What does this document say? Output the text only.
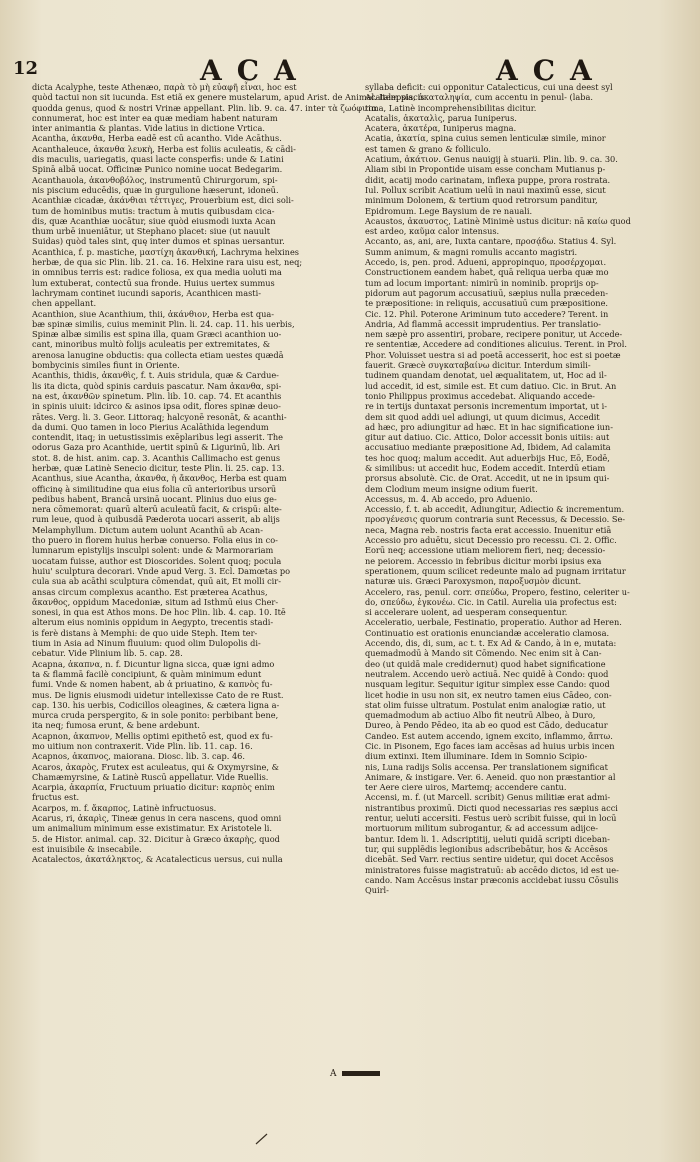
12	ACA	ACA
dicta Acalyphe, teste Athenæo, παρὰ τὸ μὴ εὐαφῆ εἶναι, hoc est
quòd tactui non sit iucunda. Est etiã ex genere mustelarum, apud Arist. de Animal. Item piscis
quodda genus, quod & nostri Vrinæ appellant. Plin. lib. 9. ca. 47. inter τὰ ζωόφυτα
connumerat, hoc est inter ea quæ mediam habent naturam
inter animantia & plantas. Vide latius in dictione Vrtica.
Acantha, ἀκανθα, Herba eadē est cū acantho. Vide Acāthus.
Acanthaleuce, ἀκανθα λευκὴ, Herba est foliis aculeatis, & cādi-
dis maculis, uariegatis, quasi lacte consperfis: unde & Latini
Spinā albā uocat. Officinæ Punico nomine uocat Bedegarim.
Acanthauola, ἀκανθοβόλος, instrumentū Chirurgorum, spi-
nis piscium educēdis, quæ in gurgulione hæserunt, idoneū.
Acanthiæ cicadæ, ἀκάνθιαι τέττιγες, Prouerbium est, dici soli-
tum de hominibus mutis: tractum à mutis quibusdam cica-
dis, quæ Acanthiæ uocātur, siue quòd eiusmodi iuxta Acan
thum urbē inueniātur, ut Stephano placet: siue (ut nauult
Suidas) quòd tales sint, quę inter dumos et spinas uersantur.
Acanthica, f. p. mastiche, μαστίχη ἀκανθική, Lachryma helxines
herbæ, de qua sic Plin. lib. 21. ca. 16. Helxine rara uisu est, neq;
in omnibus terris est: radice foliosa, ex qua media uoluti ma
lum extuberat, contectū sua fronde. Huius uertex summus
lachrymam continet iucundi saporis, Acanthicen masti-
chen appellant.
Acanthion, siue Acanthium, thii, ἀκάνθιον, Herba est qua-
bæ spinæ similis, cuius meminit Plin. li. 24. cap. 11. his uerbis,
Spinæ albæ similis est spina illa, quam Græci acanthion uo-
cant, minoribus multò folijs aculeatis per extremitates, &
arenosa lanugine obductis: qua collecta etiam uestes quædā
bombycinis similes fiunt in Oriente.
Acanthis, thidis, ἀκανθὶς, f. t. Auis stridula, quæ & Cardue-
lis ita dicta, quòd spinis carduis pascatur. Nam ἀκανθα, spi-
na est, ἀκανθῶν spinetum. Plin. lib. 10. cap. 74. Et acanthis
in spinis uiuit: idcirco & asinos ipsa odit, flores spinæ deuo-
rātes. Verg. li. 3. Geor. Littoraq; halcyonē resonāt, & acanthi-
da dumi. Quo tamen in loco Pierius Acalāthida legendum
contendit, itaq; in uetustissimis exēplaribus legi asserit. The
odorus Gaza pro Acanthide, uertit spinū & Ligurinū, lib. Ari
stot. 8. de hist. anim. cap. 3. Acanthis Callimacho est genus
herbæ, quæ Latinè Senecio dicitur, teste Plin. li. 25. cap. 13.
Acanthus, siue Acantha, ἀκανθα, ἡ ἄκανθος, Herba est quam
officinę à similitudine qua eius folia cū anterioribus ursorū
pedibus habent, Brancā ursinā uocant. Plinius duo eius ge-
nera cōmemorat: quarū alterū aculeatū facit, & crispū: alte-
rum leue, quod à quibusdā Pæderota uocari asserit, ab alijs
Melamphyllum. Dictum autem uolunt Acanthū ab Acan-
tho puero in florem huius herbæ conuerso. Folia eius in co-
lumnarum epistylijs insculpi solent: unde & Marmorariam
uocatam fuisse, author est Dioscorides. Solent quoq; pocula
huiu' sculptura decorari. Vnde apud Verg. 3. Ecl. Damœtas po
cula sua ab acāthi sculptura cōmendat, quū ait, Et molli cir-
ansas circum complexus acantho. Est præterea Acathus,
ἄκανθος, oppidum Macedoniæ, situm ad Isthmū eius Cher-
sonesi, in qua est Athos mons. De hoc Plin. lib. 4. cap. 10. Itē
alterum eius nominis oppidum in Aegypto, trecentis stadi-
is ferè distans à Memphi: de quo uide Steph. Item ter-
tium in Asia ad Ninum fluuium: quod olim Dulopolis di-
cebatur. Vide Plinium lib. 5. cap. 28.
Acapna, ἀκαπνα, n. f. Dicuntur ligna sicca, quæ igni admo
ta & flammā facilè concipiunt, & quàm minimum edunt
fumi. Vnde & nomen habent, ab ἀ priuatino, & καπνὸς fu-
mus. De lignis eiusmodi uidetur intellexisse Cato de re Rust.
cap. 130. his uerbis, Codicillos oleagines, & cætera ligna a-
murca cruda perspergito, & in sole ponito: perbibant bene,
ita neq; fumosa erunt, & bene ardebunt.
Acapnon, ἀκαπνον, Mellis optimi epithetō est, quod ex fu-
mo uitium non contraxerit. Vide Plin. lib. 11. cap. 16.
Acapnos, ἀκαπνος, maiorana. Diosc. lib. 3. cap. 46.
Acaros, ἀκαρὸς, Frutex est aculeatus, qui & Oxymyrsine, &
Chamæmyrsine, & Latinè Ruscū appellatur. Vide Ruellis.
Acarpia, ἀκαρπία, Fructuum priuatio dicitur: καρπὸς enim
fructus est.
Acarpos, m. f. ἄκαρπος, Latinè infructuosus.
Acarus, ri, ἀκαρὶς, Tineæ genus in cera nascens, quod omni
um animalium minimum esse existimatur. Ex Aristotele li.
5. de Histor. animal. cap. 32. Dicitur à Græco ἀκαρὴς, quod
est inuisibile & insecabile.
Acatalectos, ἀκατάληκτος, & Acatalecticus uersus, cui nulla
syllaba deficit: cui opponitur Catalecticus, cui una deest syl
Acatalepsia, ἀκαταληψία, cum accentu in penul- (laba.
tima, Latinè incomprehensibilitas dicitur.
Acatalis, ἀκαταλὶς, parua Iuniperus.
Acatera, ἀκατέρα, Iuniperus magna.
Acatia, ἀκατία, spina cuius semen lenticulæ simile, minor
est tamen & grano & folliculo.
Acatium, ἀκάτιον. Genus nauigij à stuarii. Plin. lib. 9. ca. 30.
Aliam sibi in Propontide uisam esse concham Mutianus p-
didit, acatij modo carinatam, inflexa puppe, prora rostrata.
Iul. Pollux scribit Acatium uelū in naui maximū esse, sicut
minimum Dolonem, & tertium quod retrorsum panditur,
Epidromum. Lege Baysium de re nauali.
Acaustos, ἀκαυστος, Latinè Minimè ustus dicitur: nā καίω quod
est ardeo, καῦμα calor intensus.
Accanto, as, ani, are, Iuxta cantare, προσᾴδω. Statius 4. Syl.
Summ animum, & magni romulis accanto magistri.
Accedo, is, pen. prod. Adueni, appropinquo, προσέρχομαι.
Constructionem eandem habet, quā reliqua uerba quæ mo
tum ad locum important: nimirū in nominib. proprijs op-
pidorum aut pagorum accusatiuū, sæpius nulla præceden-
te præpositione: in reliquis, accusatiuū cum præpositione.
Cic. 12. Phil. Poterone Ariminum tuto accedere? Terent. in
Andria, Ad flammā accessit imprudentius. Per translatio-
nem sæpè pro assentiri, probare, recipere ponitur, ut Accede-
re sententiæ, Accedere ad conditiones alicuius. Terent. in Prol.
Phor. Voluisset uestra si ad poetā accesserit, hoc est si poetæ
fauerit. Græcè συγκαταβαίνω dicitur. Interdum simili-
tudinem quandam denotat, uel æqualitatem, ut, Hoc ad il-
lud accedit, id est, simile est. Et cum datiuo. Cic. in Brut. An
tonio Philippus proximus accedebat. Aliquando accede-
re in tertijs duntaxat personis incrementum importat, ut i-
dem sit quod addi uel adiungi, ut quum dicimus, Accedit
ad hæc, pro adiungitur ad hæc. Et in hac significatione iun-
gitur aut datiuo. Cic. Attico, Dolor accessit bonis uitiis: aut
accusatiuo mediante præpositione Ad, Ibidem, Ad calamita
tes hoc quoq; malum accedit. Aut aduerbijs Huc, Eō, Eodē,
& similibus: ut accedit huc, Eodem accedit. Interdū etiam
prorsus absolutè. Cic. de Orat. Accedit, ut ne in ipsum qui-
dem Clodium meum insigne odium fuerit.
Accessus, m. 4. Ab accedo, pro Aduenio.
Accessio, f. t. ab accedit, Adiungitur, Adiectio & incrementum.
προσγένεσις quorum contraria sunt Recessus, & Decessio. Se-
neca, Magna reb. nostris facta erat accessio. Inuenitur etiā
Accessio pro aduētu, sicut Decessio pro recessu. Ci. 2. Offic.
Eorū neq; accessione utiam meliorem fieri, neq; decessio-
ne peiorem. Accessio in febribus dicitur morbi ipsius exa
sperationem, quum scilicet redeunte malo ad pugnam irritatur
naturæ uis. Græci Paroxysmon, παροξυσμὸν dicunt.
Accelero, ras, penul. corr. σπεύδω, Propero, festino, celeriter u-
do, σπεύδω, ἐγκονέω. Cic. in Catil. Aurelia uia profectus est:
si accelerare uolent, ad uesperam consequentur.
Acceleratio, uerbale, Festinatio, properatio. Author ad Heren.
Continuatio est orationis enunciandæ acceleratio clamosa.
Accendo, dis, di, sum, ac t. t. Ex Ad & Cando, à in e, mutata:
quemadmodū à Mando sit Cōmendo. Nec enim sit à Can-
deo (ut quidā male credidernut) quod habet significatione
neutralem. Accendo uerò actiuā. Nec quidē à Condo: quod
nusquam legitur. Sequitur igitur simplex esse Cando: quod
licet hodie in usu non sit, ex neutro tamen eius Cādeo, con-
stat olim fuisse ultratum. Postulat enim analogiæ ratio, ut
quemadmodum ab actiuo Albo fit neutrū Albeo, à Duro,
Dureo, à Pendo Pēdeo, ita ab eo quod est Cādo, deducatur
Candeo. Est autem accendo, ignem excito, inflammo, ἄπτω.
Cic. in Pisonem, Ego faces iam accēsas ad huius urbis incen
dium extinxi. Item illuminare. Idem in Somnio Scipio-
nis, Luna radijs Solis accensa. Per translationem significat
Animare, & instigare. Ver. 6. Aeneid. quo non præstantior al
ter Aere ciere uiros, Martemq; accendere cantu.
Accensi, m. f. (ut Marcell. scribit) Genus militiæ erat admi-
nistrantibus proximū. Dicti quod necessarias res sæpius acci
rentur, ueluti accersiti. Festus uerò scribit fuisse, qui in locū
mortuorum militum subrogantur, & ad accessum adijce-
bantur. Idem li. 1. Adscriptitij, ueluti quidā scripti diceban-
tur, qui supplēdis legionibus adscribebātur, hos & Accēsos
dicebāt. Sed Varr. rectius sentire uidetur, qui docet Accēsos
ministratores fuisse magistratuū: ab accēdo dictos, id est ue-
cando. Nam Accēsus instar præconis accidebat iussu Cōsulis
Quirl-
A
